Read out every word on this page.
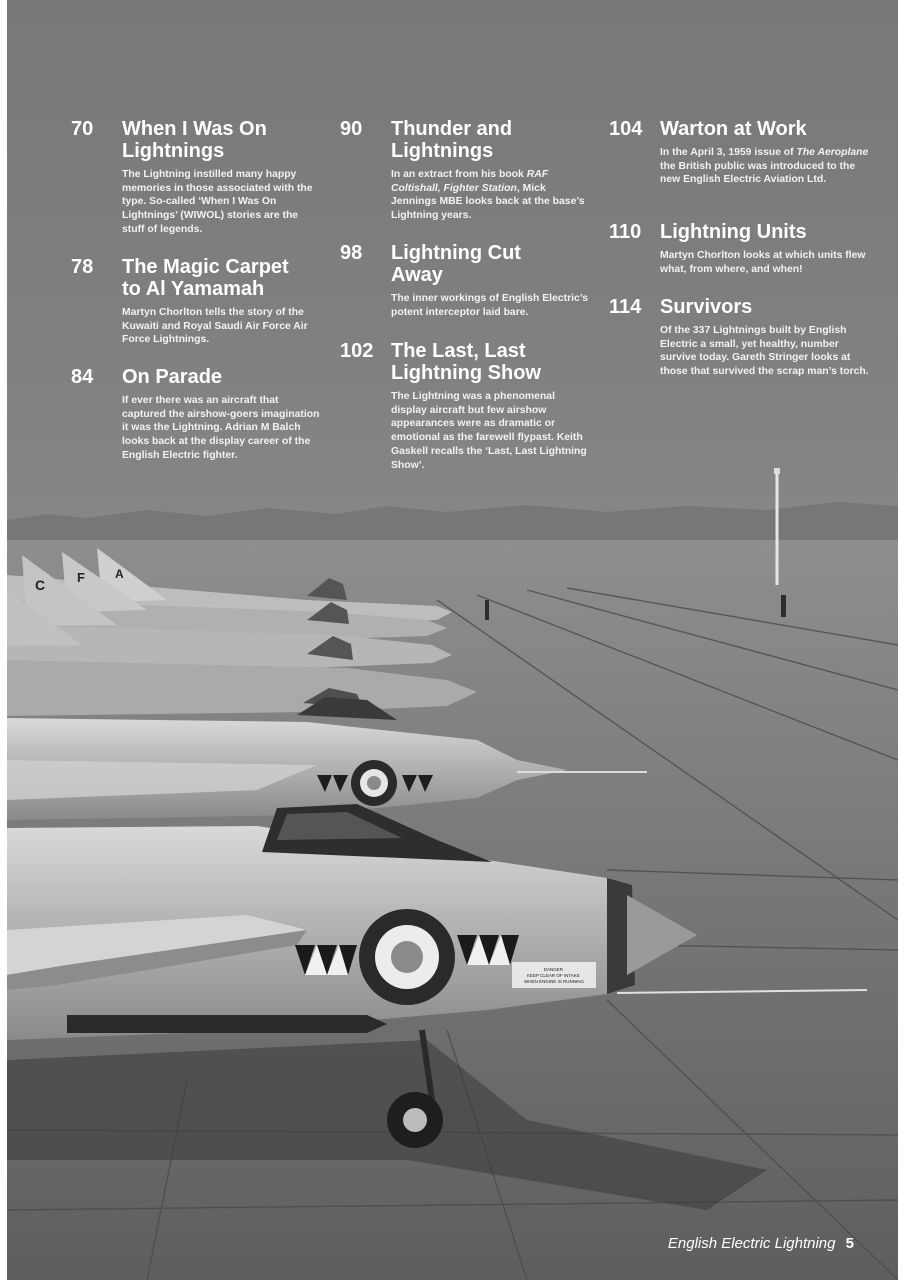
C F	A
DANGER KEEP CLEAR OF INTAKE WHEN ENGINE IS RUNNING
70 When I Was On
Lightnings
The Lightning instilled many happy memories in those associated with the type. So-called ‘When I Was On Lightnings’ (WIWOL) stories are the stuff of legends.
78 The Magic Carpet
to Al Yamamah
Martyn Chorlton tells the story of the Kuwaiti and Royal Saudi Air Force Air Force Lightnings.
84 On Parade
If ever there was an aircraft that captured the airshow-goers imagination it was the Lightning. Adrian M Balch looks back at the display career of the English Electric fighter.
90 Thunder and
Lightnings
In an extract from his book RAF Coltishall, Fighter Station, Mick Jennings MBE looks back at the base’s Lightning years.
98 Lightning Cut
Away
The inner workings of English Electric’s potent interceptor laid bare.
102 The Last, Last
Lightning Show
The Lightning was a phenomenal display aircraft but few airshow appearances were as dramatic or emotional as the farewell flypast. Keith Gaskell recalls the ‘Last, Last Lightning Show’.
104 Warton at Work
In the April 3, 1959 issue of The Aeroplane the British public was introduced to the new English Electric Aviation Ltd.
110 Lightning Units
Martyn Chorlton looks at which units flew what, from where, and when!
114 Survivors
Of the 337 Lightnings built by English Electric a small, yet healthy, number survive today. Gareth Stringer looks at those that survived the scrap man’s torch.
English Electric Lightning 5
